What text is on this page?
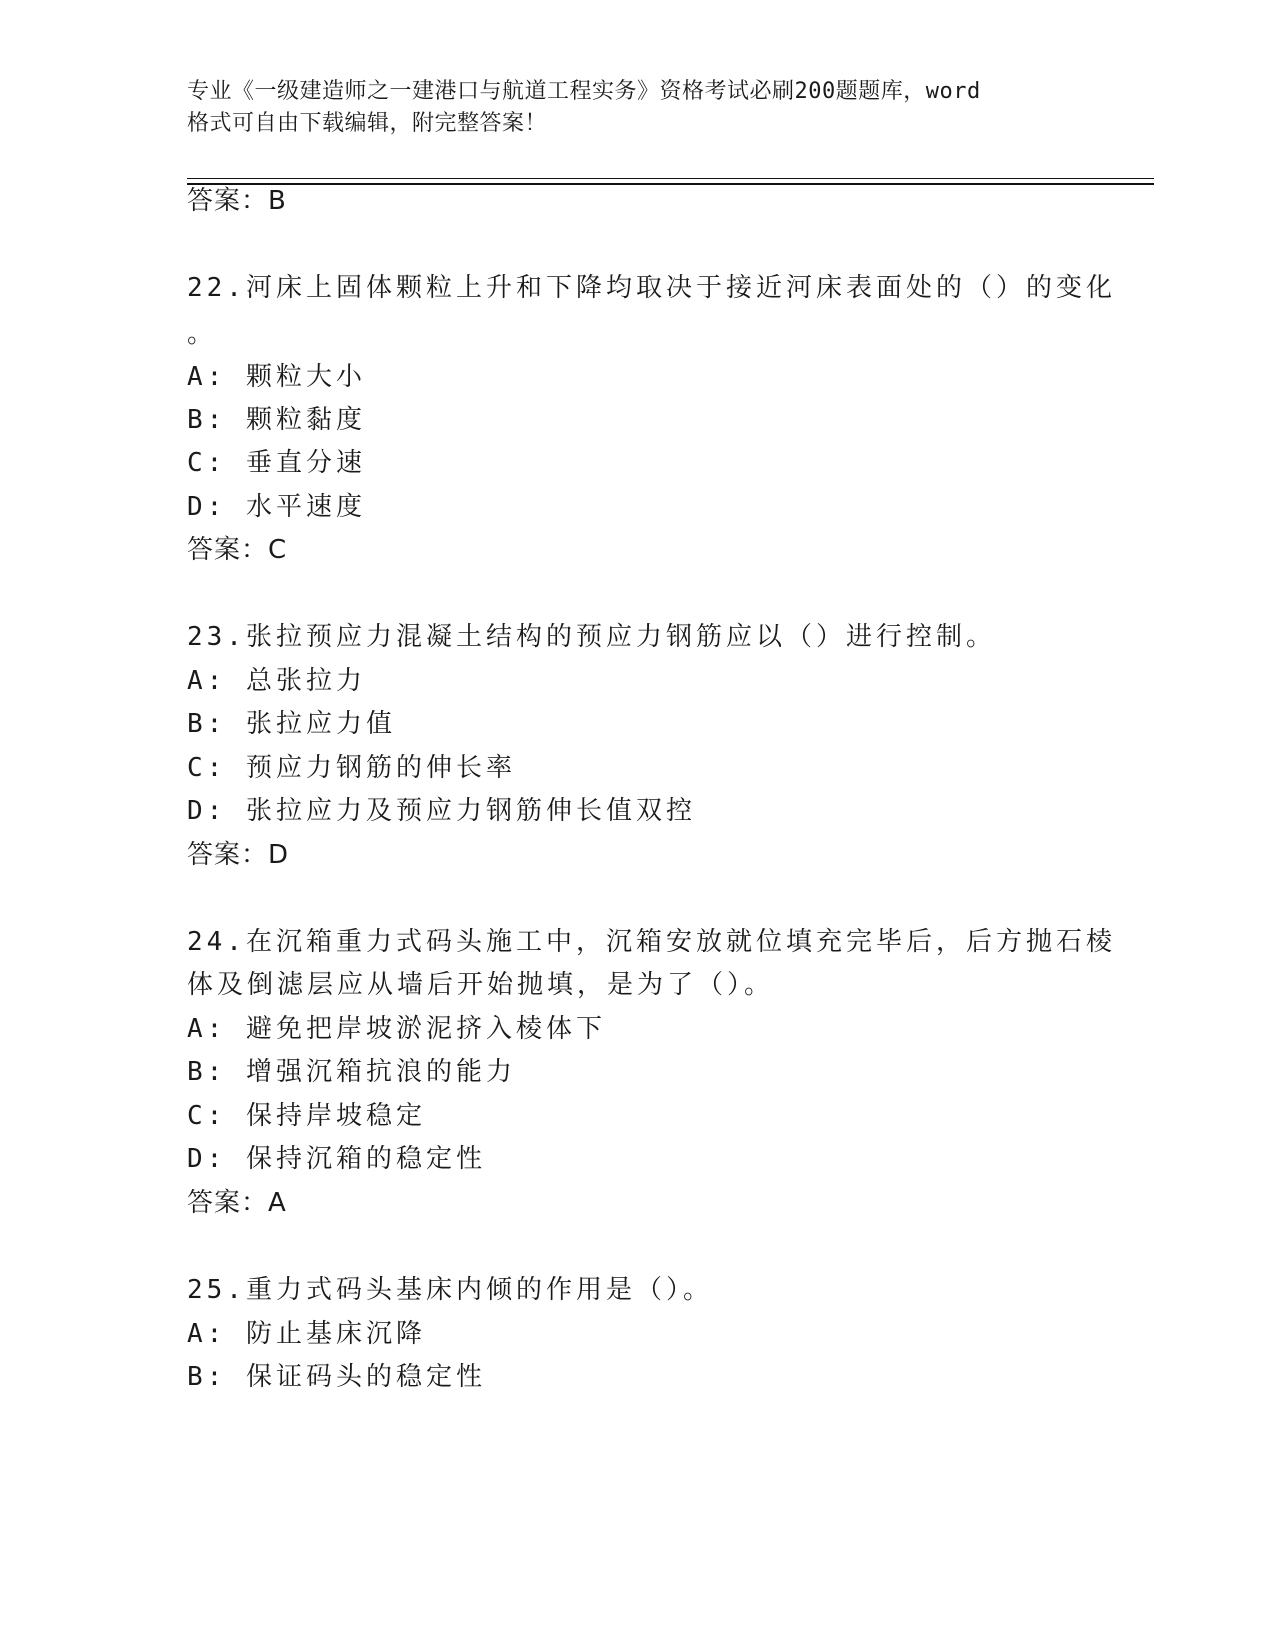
专业《一级建造师之一建港口与航道工程实务》资格考试必刷200题题库，word
格式可自由下载编辑，附完整答案！
答案：B
22.河床上固体颗粒上升和下降均取决于接近河床表面处的（）的变化
。
A: 颗粒大小
B: 颗粒黏度
C: 垂直分速
D: 水平速度
答案：C
23.张拉预应力混凝土结构的预应力钢筋应以（）进行控制。
A: 总张拉力
B: 张拉应力值
C: 预应力钢筋的伸长率
D: 张拉应力及预应力钢筋伸长值双控
答案：D
24.在沉箱重力式码头施工中，沉箱安放就位填充完毕后，后方抛石棱
体及倒滤层应从墙后开始抛填，是为了（）。
A: 避免把岸坡淤泥挤入棱体下
B: 增强沉箱抗浪的能力
C: 保持岸坡稳定
D: 保持沉箱的稳定性
答案：A
25.重力式码头基床内倾的作用是（）。
A: 防止基床沉降
B: 保证码头的稳定性
